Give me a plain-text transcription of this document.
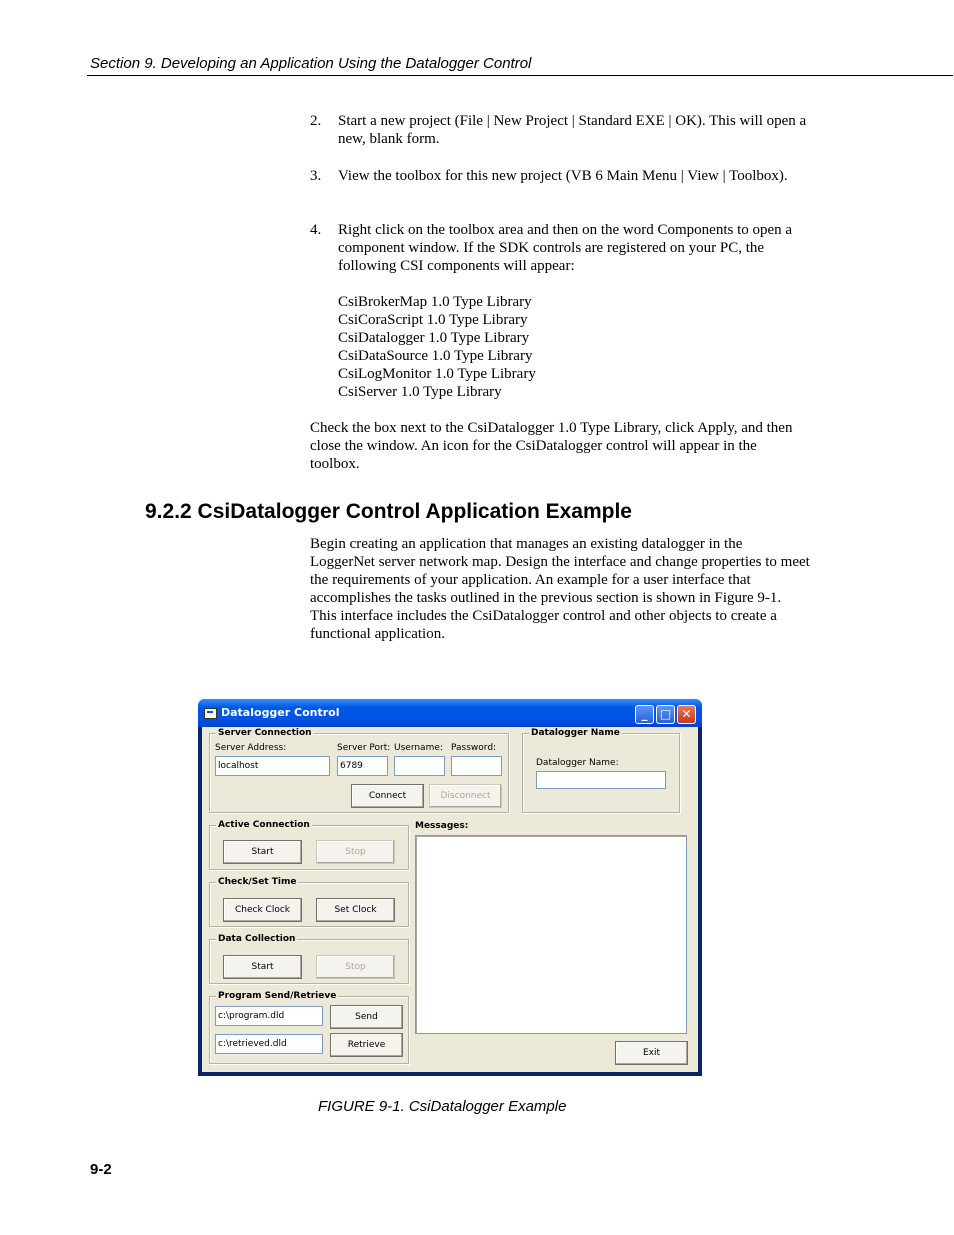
Section 9. Developing an Application Using the Datalogger Control
2. Start a new project (File | New Project | Standard EXE | OK). This will open a new, blank form.
3. View the toolbox for this new project (VB 6 Main Menu | View | Toolbox).
4. Right click on the toolbox area and then on the word Components to open a component window. If the SDK controls are registered on your PC, the following CSI components will appear:
CsiBrokerMap 1.0 Type Library
CsiCoraScript 1.0 Type Library
CsiDatalogger 1.0 Type Library
CsiDataSource 1.0 Type Library
CsiLogMonitor 1.0 Type Library
CsiServer 1.0 Type Library
Check the box next to the CsiDatalogger 1.0 Type Library, click Apply, and then close the window. An icon for the CsiDatalogger control will appear in the toolbox.
9.2.2 CsiDatalogger Control Application Example
Begin creating an application that manages an existing datalogger in the LoggerNet server network map. Design the interface and change properties to meet the requirements of your application. An example for a user interface that accomplishes the tasks outlined in the previous section is shown in Figure 9-1. This interface includes the CsiDatalogger control and other objects to create a functional application.
Datalogger Control	_	□ ✕
Server Connection
Server Address:
localhost
Server Port:
6789
Username: Password:
Connect	Disconnect
Datalogger Name
Datalogger Name:
Active Connection
Start	Stop
Check/Set Time
Check Clock	Set Clock
Data Collection
Start	Stop
Program Send/Retrieve
c:\program.dld	Send
c:\retrieved.dld	Retrieve
Messages:
Exit
FIGURE 9-1. CsiDatalogger Example
9-2
